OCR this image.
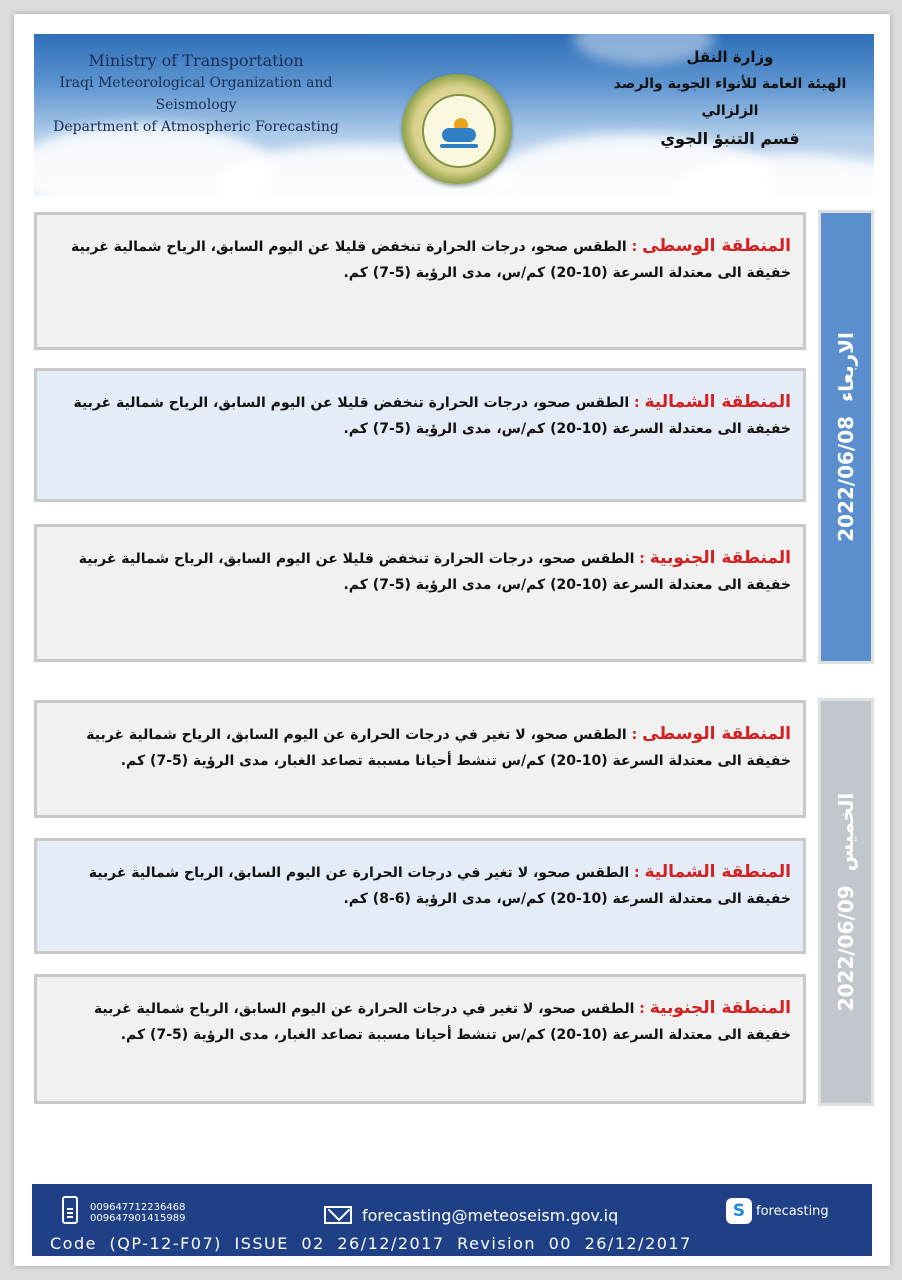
Ministry of Transportation
Iraqi Meteorological Organization and Seismology
Department of Atmospheric Forecasting
وزارة النقل
الهيئة العامة للأنواء الجوية والرصد الزلزالي
قسم التنبؤ الجوي

المنطقة الوسطى : الطقس صحو، درجات الحرارة تنخفض قليلا عن اليوم السابق، الرياح شمالية غربية خفيفة الى معتدلة السرعة (10-20) كم/س، مدى الرؤية (5-7) كم.

المنطقة الشمالية : الطقس صحو، درجات الحرارة تنخفض قليلا عن اليوم السابق، الرياح شمالية غربية خفيفة الى معتدلة السرعة (10-20) كم/س، مدى الرؤية (5-7) كم.

المنطقة الجنوبية : الطقس صحو، درجات الحرارة تنخفض قليلا عن اليوم السابق، الرياح شمالية غربية خفيفة الى معتدلة السرعة (10-20) كم/س، مدى الرؤية (5-7) كم.

2022/06/08الاربعاء

المنطقة الوسطى : الطقس صحو، لا تغير في درجات الحرارة عن اليوم السابق، الرياح شمالية غربية خفيفة الى معتدلة السرعة (10-20) كم/س تنشط أحيانا مسببة تصاعد الغبار، مدى الرؤية (5-7) كم.

المنطقة الشمالية : الطقس صحو، لا تغير في درجات الحرارة عن اليوم السابق، الرياح شمالية غربية خفيفة الى معتدلة السرعة (10-20) كم/س، مدى الرؤية (6-8) كم.

المنطقة الجنوبية : الطقس صحو، لا تغير في درجات الحرارة عن اليوم السابق، الرياح شمالية غربية خفيفة الى معتدلة السرعة (10-20) كم/س تنشط أحيانا مسببة تصاعد الغبار، مدى الرؤية (5-7) كم.

2022/06/09الخميس
009647712236468
009647901415989	forecasting@meteoseism.gov.iq	S forecasting
Code (QP-12-F07) ISSUE 02 26/12/2017 Revision 00 26/12/2017
